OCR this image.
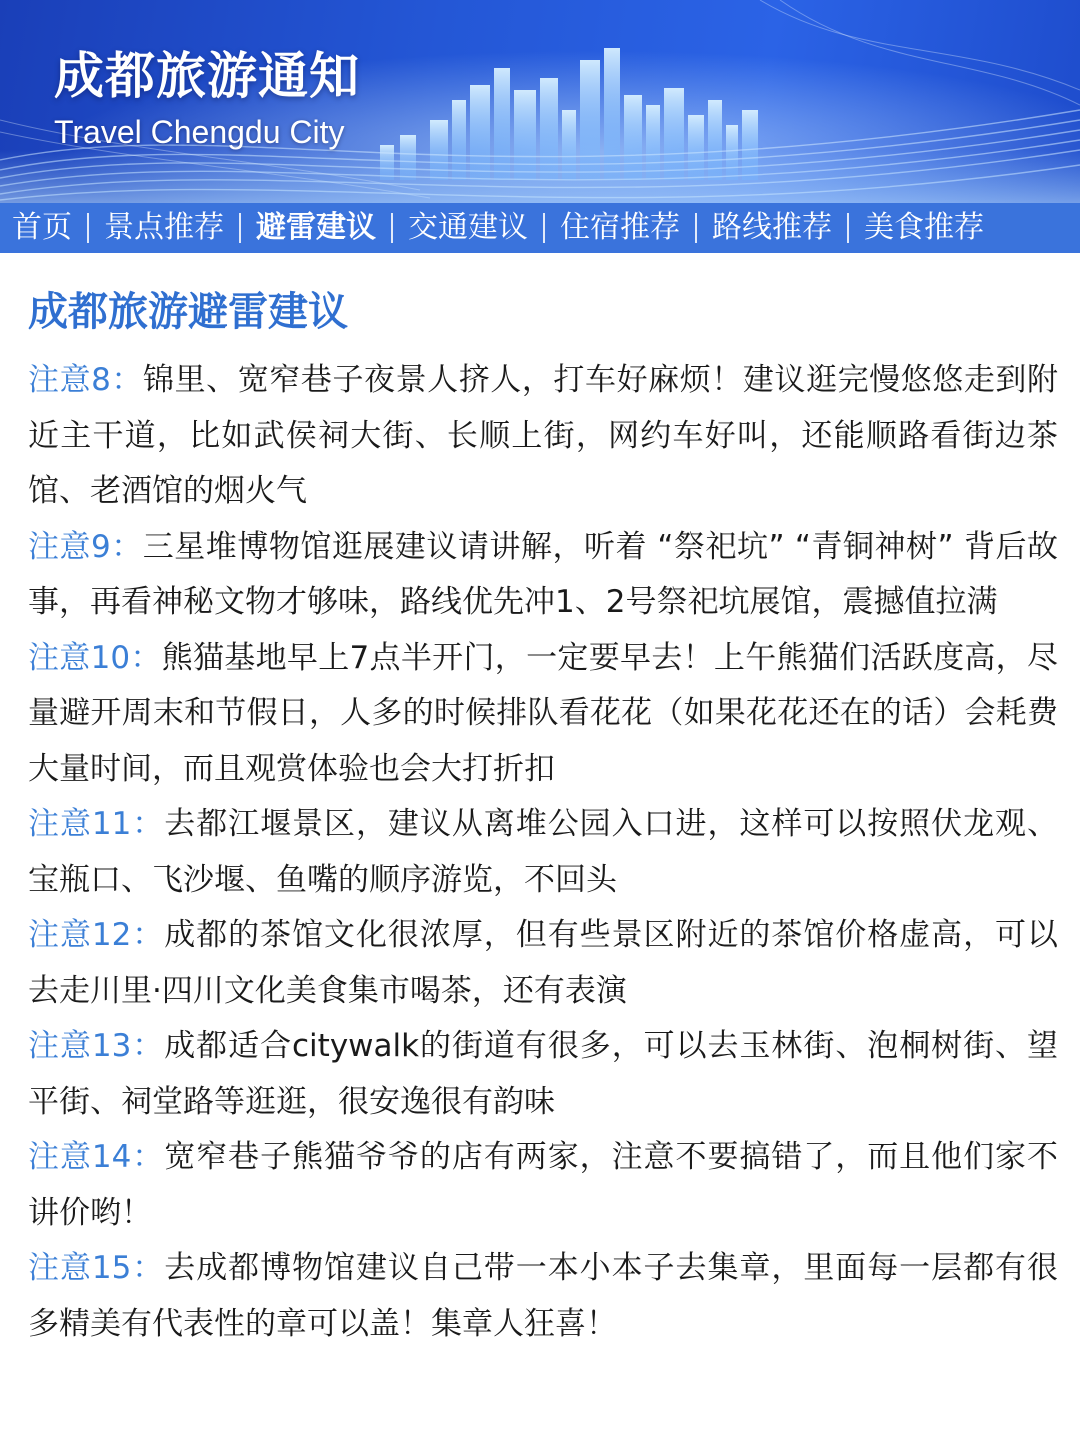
成都旅游通知
Travel Chengdu City
首页 景点推荐 避雷建议 交通建议 住宿推荐 路线推荐 美食推荐
成都旅游避雷建议
注意8：锦里、宽窄巷子夜景人挤人，打车好麻烦！建议逛完慢悠悠走到附近主干道，比如武侯祠大街、长顺上街，网约车好叫，还能顺路看街边茶馆、老酒馆的烟火气
注意9：三星堆博物馆逛展建议请讲解，听着 “祭祀坑” “青铜神树” 背后故事，再看神秘文物才够味，路线优先冲1、2号祭祀坑展馆，震撼值拉满
注意10：熊猫基地早上7点半开门，一定要早去！上午熊猫们活跃度高，尽量避开周末和节假日，人多的时候排队看花花（如果花花还在的话）会耗费大量时间，而且观赏体验也会大打折扣
注意11：去都江堰景区，建议从离堆公园入口进，这样可以按照伏龙观、宝瓶口、飞沙堰、鱼嘴的顺序游览，不回头
注意12：成都的茶馆文化很浓厚，但有些景区附近的茶馆价格虚高，可以去走川里·四川文化美食集市喝茶，还有表演
注意13：成都适合citywalk的街道有很多，可以去玉林街、泡桐树街、望平街、祠堂路等逛逛，很安逸很有韵味
注意14：宽窄巷子熊猫爷爷的店有两家，注意不要搞错了，而且他们家不讲价哟！
注意15：去成都博物馆建议自己带一本小本子去集章，里面每一层都有很多精美有代表性的章可以盖！集章人狂喜！
